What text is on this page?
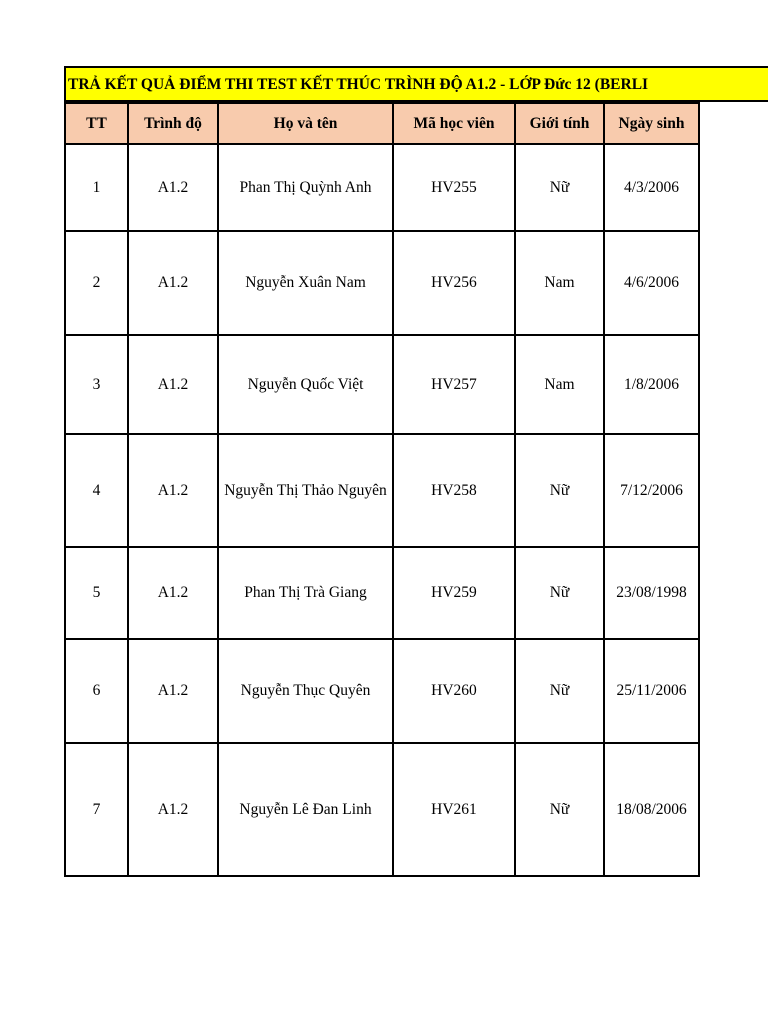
TRẢ KẾT QUẢ ĐIỂM THI TEST KẾT THÚC TRÌNH ĐỘ A1.2 - LỚP Đức 12 (BERLI
TT	Trình độ	Họ và tên	Mã học viên	Giới tính	Ngày sinh
1	A1.2	Phan Thị Quỳnh Anh	HV255	Nữ	4/3/2006
2	A1.2	Nguyễn Xuân Nam	HV256	Nam	4/6/2006
3	A1.2	Nguyễn Quốc Việt	HV257	Nam	1/8/2006
4	A1.2	Nguyễn Thị Thảo Nguyên	HV258	Nữ	7/12/2006
5	A1.2	Phan Thị Trà Giang	HV259	Nữ	23/08/1998
6	A1.2	Nguyễn Thục Quyên	HV260	Nữ	25/11/2006
7	A1.2	Nguyễn Lê Đan Linh	HV261	Nữ	18/08/2006
